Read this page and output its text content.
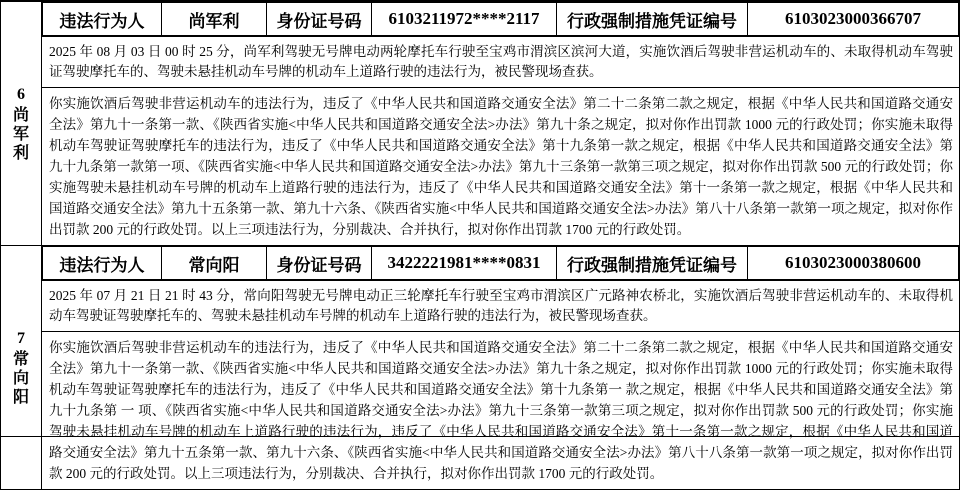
6
尚
军
利

违法行为人	尚军利	身份证号码	6103211972****2117	行政强制措施凭证编号	6103023000366707

2025 年 08 月 03 日 00 时 25 分，尚军利驾驶无号牌电动两轮摩托车行驶至宝鸡市渭滨区滨河大道，实施饮酒后驾驶非营运机动车的、未取得机动车驾驶证驾驶摩托车的、驾驶未悬挂机动车号牌的机动车上道路行驶的违法行为，被民警现场查获。

你实施饮酒后驾驶非营运机动车的违法行为，违反了《中华人民共和国道路交通安全法》第二十二条第二款之规定，根据《中华人民共和国道路交通安全法》第九十一条第一款、《陕西省实施<中华人民共和国道路交通安全法>办法》第九十条之规定，拟对你作出罚款 1000 元的行政处罚；你实施未取得机动车驾驶证驾驶摩托车的违法行为，违反了《中华人民共和国道路交通安全法》第十九条第一款之规定，根据《中华人民共和国道路交通安全法》第九十九条第一款第一项、《陕西省实施<中华人民共和国道路交通安全法>办法》第九十三条第一款第三项之规定，拟对你作出罚款 500 元的行政处罚；你实施驾驶未悬挂机动车号牌的机动车上道路行驶的违法行为，违反了《中华人民共和国道路交通安全法》第十一条第一款之规定，根据《中华人民共和国道路交通安全法》第九十五条第一款、第九十六条、《陕西省实施<中华人民共和国道路交通安全法>办法》第八十八条第一款第一项之规定，拟对你作出罚款 200 元的行政处罚。以上三项违法行为，分别裁决、合并执行，拟对你作出罚款 1700 元的行政处罚。

7
常
向
阳

违法行为人	常向阳	身份证号码	3422221981****0831	行政强制措施凭证编号	6103023000380600

2025 年 07 月 21 日 21 时 43 分，常向阳驾驶无号牌电动正三轮摩托车行驶至宝鸡市渭滨区广元路神农桥北，实施饮酒后驾驶非营运机动车的、未取得机动车驾驶证驾驶摩托车的、驾驶未悬挂机动车号牌的机动车上道路行驶的违法行为，被民警现场查获。

你实施饮酒后驾驶非营运机动车的违法行为，违反了《中华人民共和国道路交通安全法》第二十二条第二款之规定，根据《中华人民共和国道路交通安全法》第九十一条第一款、《陕西省实施<中华人民共和国道路交通安全法>办法》第九十条之规定，拟对你作出罚款 1000 元的行政处罚；你实施未取得机动车驾驶证驾驶摩托车的违法行为，违反了《中华人民共和国道路交通安全法》第十九条第一 款之规定，根据《中华人民共和国道路交通安全法》第九十九条第 一 项、《陕西省实施<中华人民共和国道路交通安全法>办法》第九十三条第一款第三项之规定，拟对你作出罚款 500 元的行政处罚；你实施驾驶未悬挂机动车号牌的机动车上道路行驶的违法行为，违反了《中华人民共和国道路交通安全法》第十一条第一款之规定，根据《中华人民共和国道路交通安全法》第九十五条第一款、第九十六条、《陕西省实施<中华人民共和国道路交通安全法>办法》第八十八条第一款第一项之规定，拟对你作出罚款 200 元的行政处罚。以上三项违法行为，分别裁决、合并执行，拟对你作出罚款 1700 元的行政处罚。
